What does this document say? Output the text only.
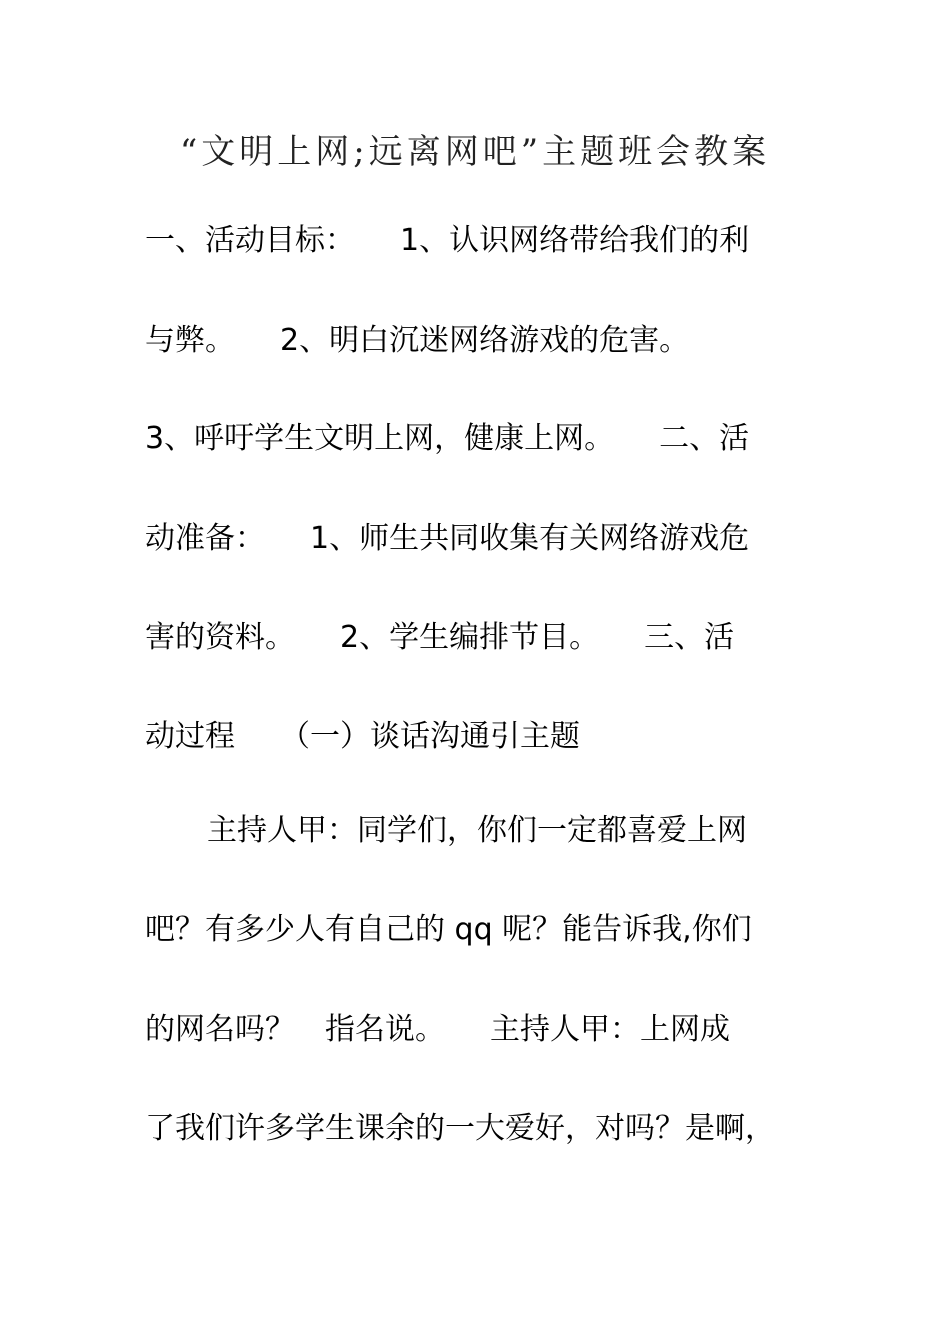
“文明上网;远离网吧”主题班会教案
一、活动目标：　　1、认识网络带给我们的利
与弊。　　2、明白沉迷网络游戏的危害。
3、呼吁学生文明上网，健康上网。　　二、活
动准备：　　1、师生共同收集有关网络游戏危
害的资料。　　2、学生编排节目。　　三、活
动过程　　（一）谈话沟通引主题
主持人甲：同学们，你们一定都喜爱上网
吧？有多少人有自己的 qq 呢？能告诉我,你们
的网名吗？　指名说。　　主持人甲：上网成
了我们许多学生课余的一大爱好，对吗？是啊，
